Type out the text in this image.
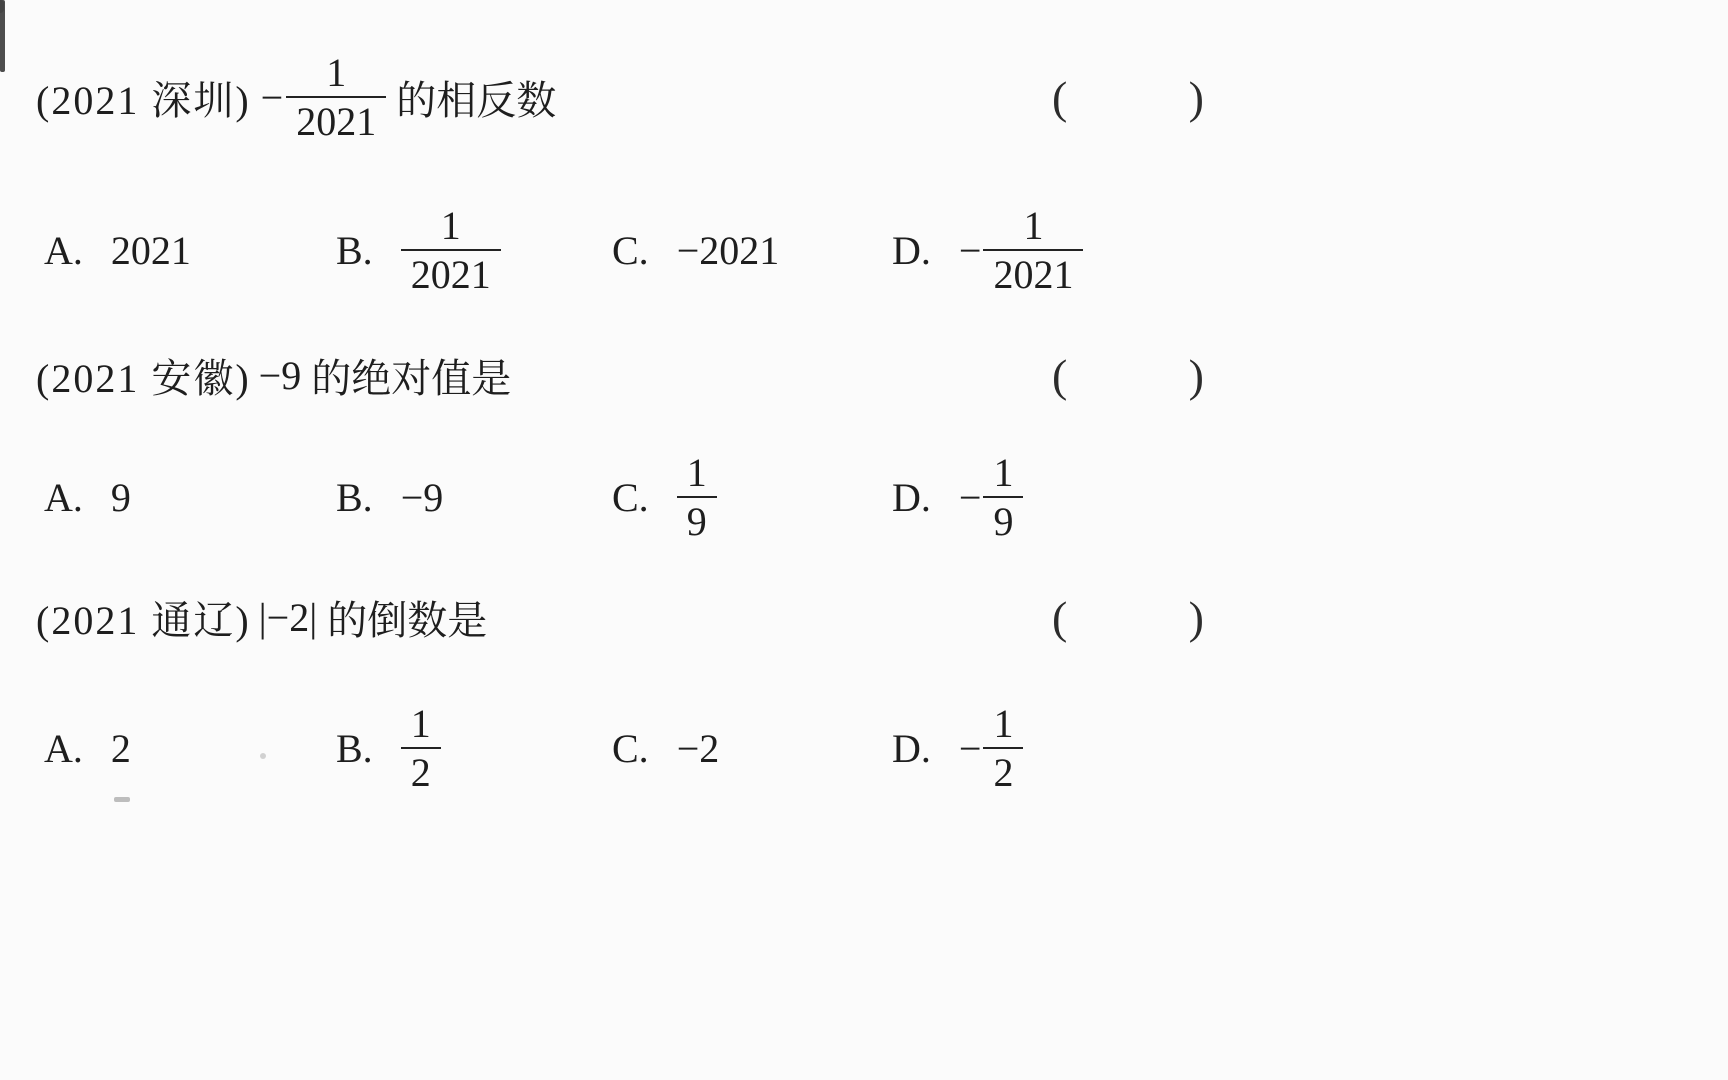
(2021 深圳) − $\frac{1}{2021}$ 的相反数	(	)
A. 2021	B. $\frac{1}{2021}$	C. −2021	D. − $\frac{1}{2021}$
(2021 安徽) −9 的绝对值是	(	)
A. 9	B. −9	C. $\frac{1}{9}$	D. − $\frac{1}{9}$
(2021 通辽) |−2| 的倒数是	(	)
A. 2	B. $\frac{1}{2}$	C. −2	D. − $\frac{1}{2}$
